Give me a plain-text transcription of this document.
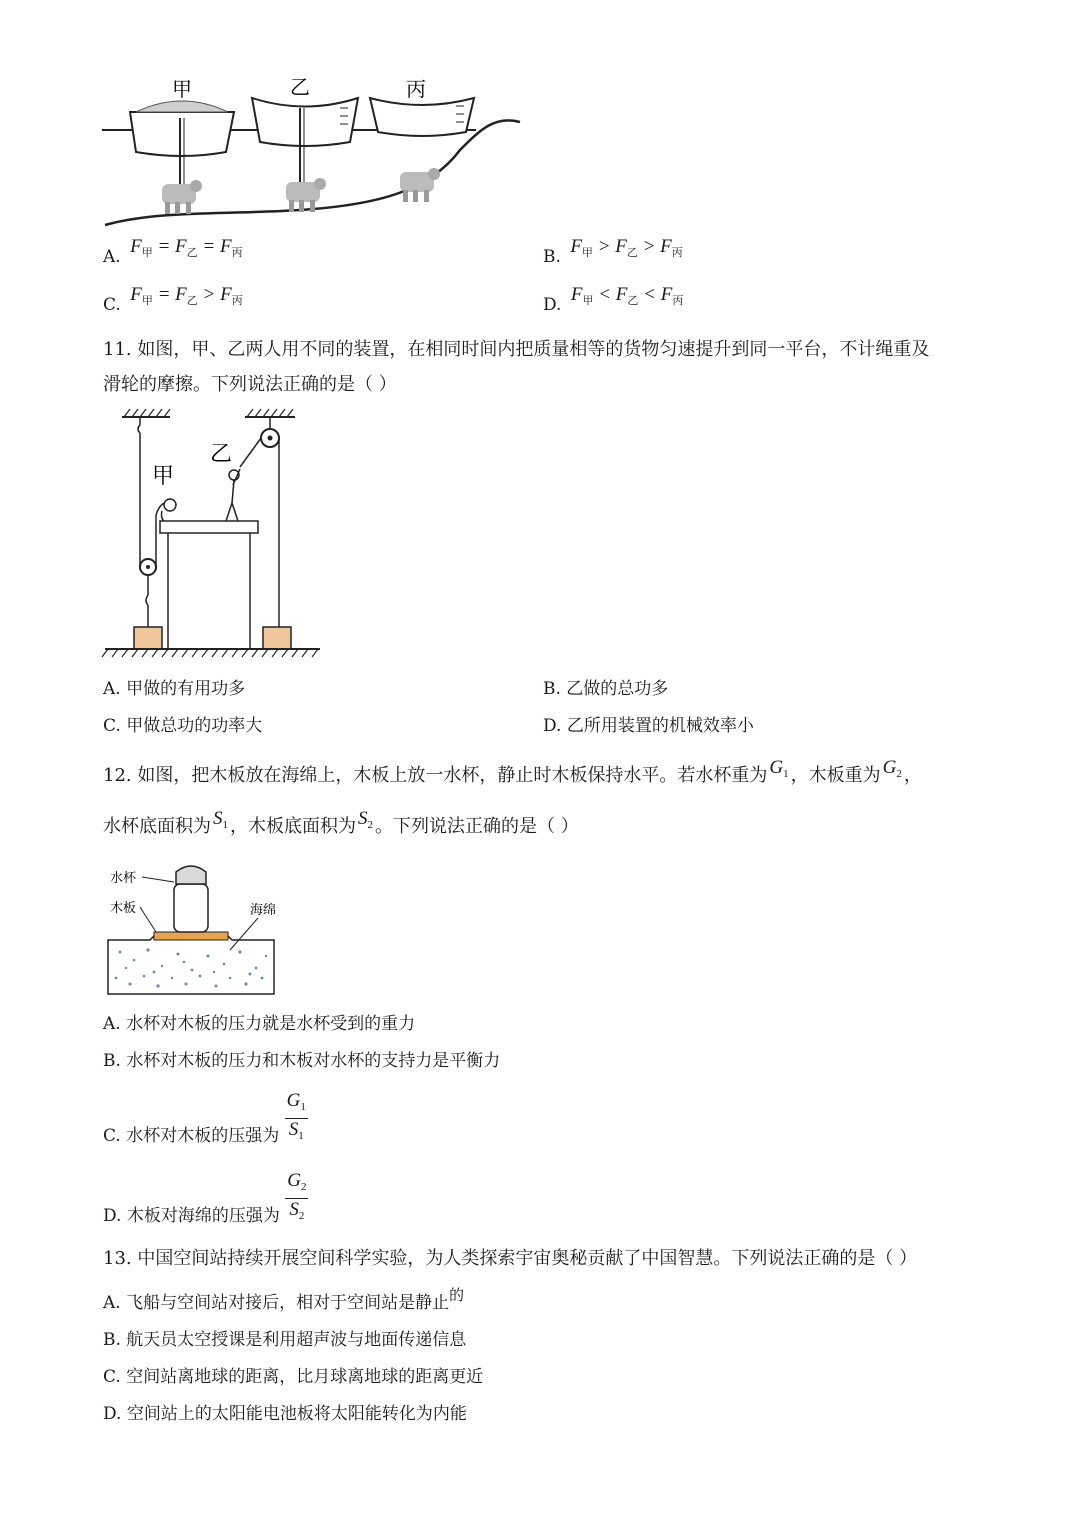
甲	乙	丙
A. $F_甲 = F_乙 = F_丙$	B. $F_甲 > F_乙 > F_丙$
C. $F_甲 = F_乙 > F_丙$	D. $F_甲 < F_乙 < F_丙$
11. 如图，甲、乙两人用不同的装置，在相同时间内把质量相等的货物匀速提升到同一平台，不计绳重及
滑轮的摩擦。下列说法正确的是（ ）
甲
乙
A. 甲做的有用功多	B. 乙做的总功多
C. 甲做总功的功率大	D. 乙所用装置的机械效率小
12. 如图，把木板放在海绵上，木板上放一水杯，静止时木板保持水平。若水杯重为 $G_1$ ，木板重为 $G_2$ ，
水杯底面积为 $S_1$ ，木板底面积为 $S_2$ 。下列说法正确的是（ ）
水杯
木板	海绵
A. 水杯对木板的压力就是水杯受到的重力
B. 水杯对木板的压力和木板对水杯的支持力是平衡力
C. 水杯对木板的压强为 $\frac{G_1}{S_1}$
D. 木板对海绵的压强为 $\frac{G_2}{S_2}$
13. 中国空间站持续开展空间科学实验，为人类探索宇宙奥秘贡献了中国智慧。下列说法正确的是（ ）
A. 飞船与空间站对接后，相对于空间站是静止的
B. 航天员太空授课是利用超声波与地面传递信息
C. 空间站离地球的距离，比月球离地球的距离更近
D. 空间站上的太阳能电池板将太阳能转化为内能
